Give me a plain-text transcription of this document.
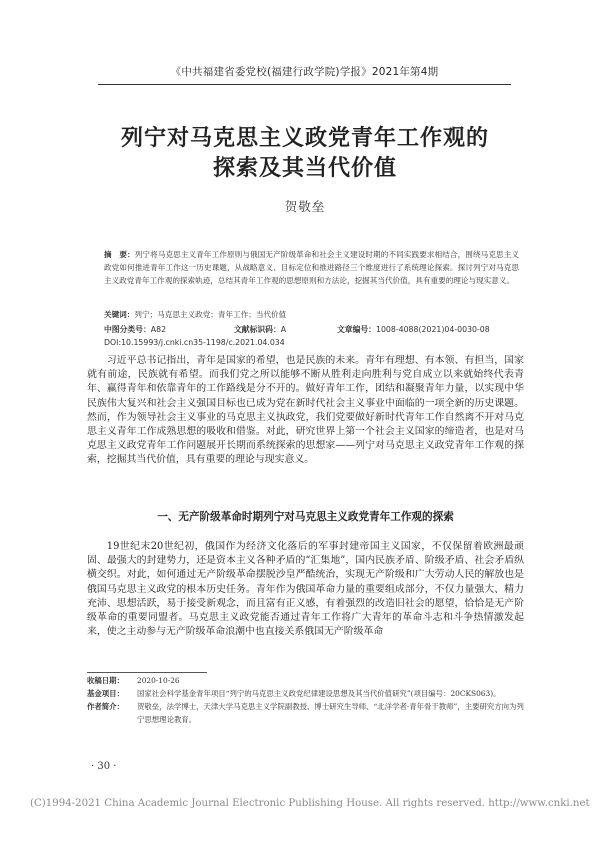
《中共福建省委党校(福建行政学院)学报》2021年第4期
列宁对马克思主义政党青年工作观的
探索及其当代价值
贺敬垒
摘　要：列宁将马克思主义青年工作原则与俄国无产阶级革命和社会主义建设时期的不同实践要求相结合，围绕马克思主义政党如何推进青年工作这一历史课题，从战略意义、目标定位和推进路径三个维度进行了系统理论探索。探讨列宁对马克思主义政党青年工作观的探索轨迹，总结其青年工作观的思想原则和方法论，挖掘其当代价值，具有重要的理论与现实意义。
关键词：列宁；马克思主义政党；青年工作；当代价值
中图分类号：A82	文献标识码：A	文章编号：1008-4088(2021)04-0030-08
DOI:10.15993/j.cnki.cn35-1198/c.2021.04.034

习近平总书记指出，青年是国家的希望，也是民族的未来。青年有理想、有本领、有担当，国家就有前途，民族就有希望。而我们党之所以能够不断从胜利走向胜利与党自成立以来就始终代表青年、赢得青年和依靠青年的工作路线是分不开的。做好青年工作，团结和凝聚青年力量，以实现中华民族伟大复兴和社会主义强国目标也已成为党在新时代社会主义事业中面临的一项全新的历史课题。然而，作为领导社会主义事业的马克思主义执政党，我们党要做好新时代青年工作自然离不开对马克思主义青年工作成熟思想的吸收和借鉴。对此，研究世界上第一个社会主义国家的缔造者，也是对马克思主义政党青年工作问题展开长期而系统探索的思想家——列宁对马克思主义政党青年工作观的探索，挖掘其当代价值，具有重要的理论与现实意义。

一、无产阶级革命时期列宁对马克思主义政党青年工作观的探索

19世纪末20世纪初，俄国作为经济文化落后的军事封建帝国主义国家，不仅保留着欧洲最顽固、最强大的封建势力，还是资本主义各种矛盾的“汇集地”，国内民族矛盾、阶级矛盾、社会矛盾纵横交织。对此，如何通过无产阶级革命摆脱沙皇严酷统治，实现无产阶级和广大劳动人民的解放也是俄国马克思主义政党的根本历史任务。青年作为俄国革命力量的重要组成部分，不仅力量强大、精力充沛、思想活跃，易于接受新观念，而且富有正义感，有着强烈的改造旧社会的愿望，恰恰是无产阶级革命的重要同盟者。马克思主义政党能否通过青年工作将广大青年的革命斗志和斗争热情激发起来，使之主动参与无产阶级革命浪潮中也直接关系俄国无产阶级革命

收稿日期： 2020-10-26
基金项目： 国家社会科学基金青年项目“列宁的马克思主义政党纪律建设思想及其当代价值研究”(项目编号：20CKS063)。
作者简介： 贺敬垒，法学博士，天津大学马克思主义学院副教授、博士研究生导师、“北洋学者·青年骨干教师”，主要研究方向为列宁思想理论教育。
· 30 ·
(C)1994-2021 China Academic Journal Electronic Publishing House. All rights reserved. http://www.cnki.net
